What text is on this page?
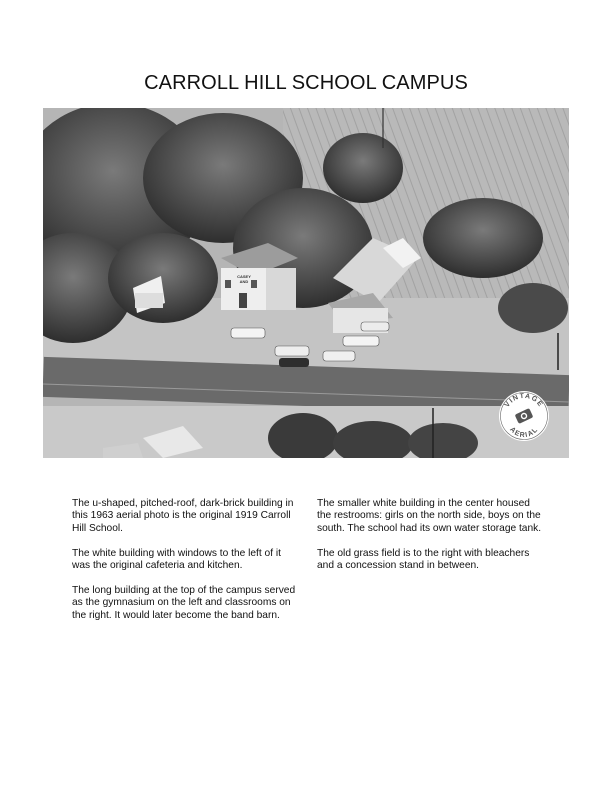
CARROLL HILL SCHOOL CAMPUS
CASEY
AND
VINTAGE
AERIAL

The u-shaped, pitched-roof, dark-brick building in this 1963 aerial photo is the original 1919 Carroll Hill School.

The white building with windows to the left of it was the original cafeteria and kitchen.

The long building at the top of the campus served as the gymnasium on the left and classrooms on the right. It would later become the band barn.

The smaller white building in the center housed the restrooms: girls on the north side, boys on the south. The school had its own water storage tank.

The old grass field is to the right with bleachers and a concession stand in between.
